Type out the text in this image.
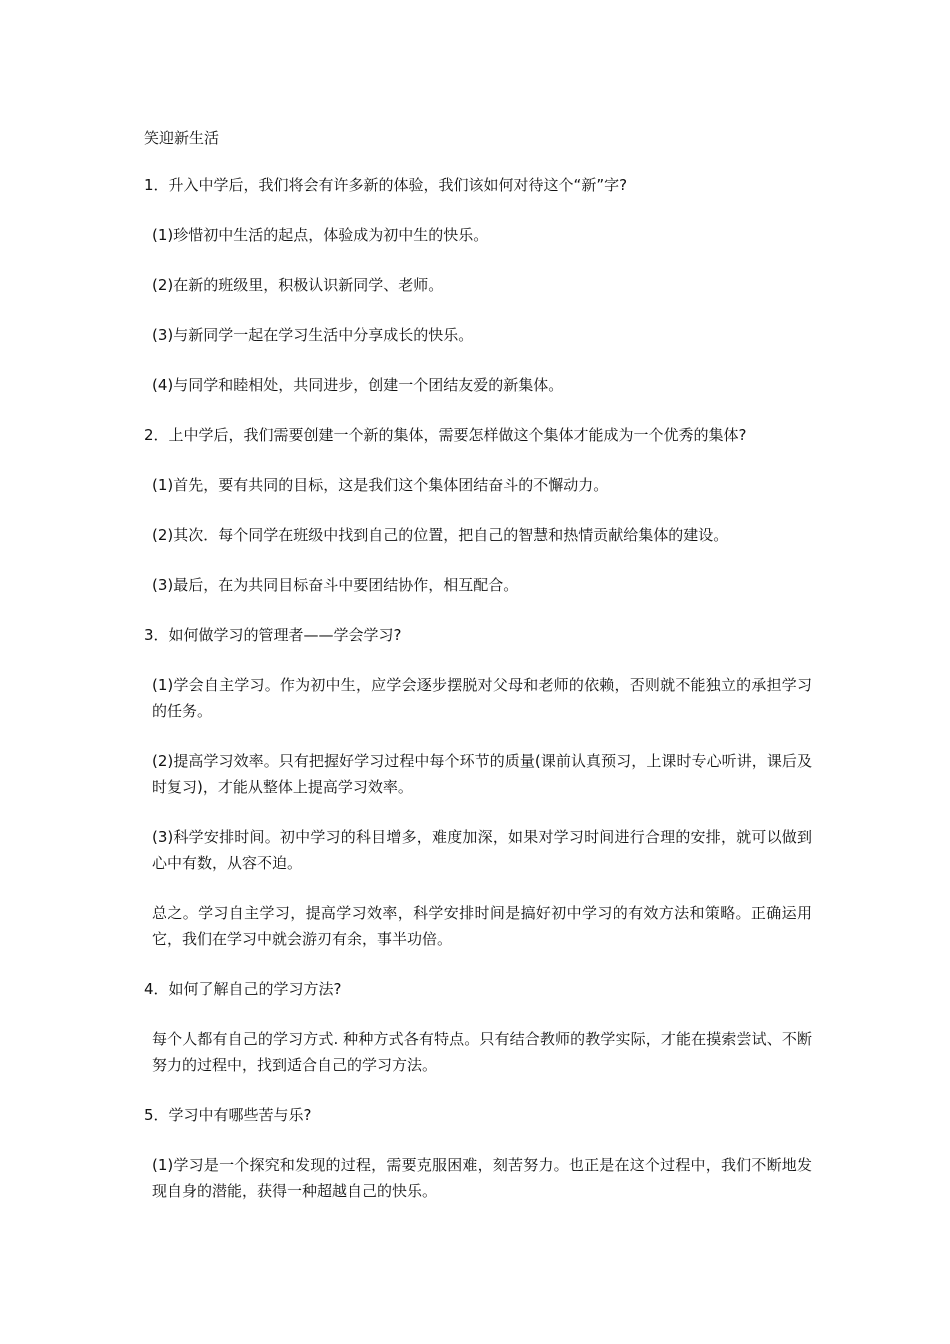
笑迎新生活

1．升入中学后，我们将会有许多新的体验，我们该如何对待这个“新”字?

(1)珍惜初中生活的起点，体验成为初中生的快乐。

(2)在新的班级里，积极认识新同学、老师。

(3)与新同学一起在学习生活中分享成长的快乐。

(4)与同学和睦相处，共同进步，创建一个团结友爱的新集体。

2．上中学后，我们需要创建一个新的集体，需要怎样做这个集体才能成为一个优秀的集体?

(1)首先，要有共同的目标，这是我们这个集体团结奋斗的不懈动力。

(2)其次．每个同学在班级中找到自己的位置，把自己的智慧和热情贡献给集体的建设。

(3)最后，在为共同目标奋斗中要团结协作，相互配合。

3．如何做学习的管理者——学会学习?

(1)学会自主学习。作为初中生，应学会逐步摆脱对父母和老师的依赖，否则就不能独立的承担学习的任务。

(2)提高学习效率。只有把握好学习过程中每个环节的质量(课前认真预习，上课时专心听讲，课后及时复习)，才能从整体上提高学习效率。

(3)科学安排时间。初中学习的科目增多，难度加深，如果对学习时间进行合理的安排，就可以做到心中有数，从容不迫。

总之。学习自主学习，提高学习效率，科学安排时间是搞好初中学习的有效方法和策略。正确运用它，我们在学习中就会游刃有余，事半功倍。

4．如何了解自己的学习方法?

每个人都有自己的学习方式. 种种方式各有特点。只有结合教师的教学实际，才能在摸索尝试、不断努力的过程中，找到适合自己的学习方法。

5．学习中有哪些苦与乐?

(1)学习是一个探究和发现的过程，需要克服困难，刻苦努力。也正是在这个过程中，我们不断地发现自身的潜能，获得一种超越自己的快乐。
